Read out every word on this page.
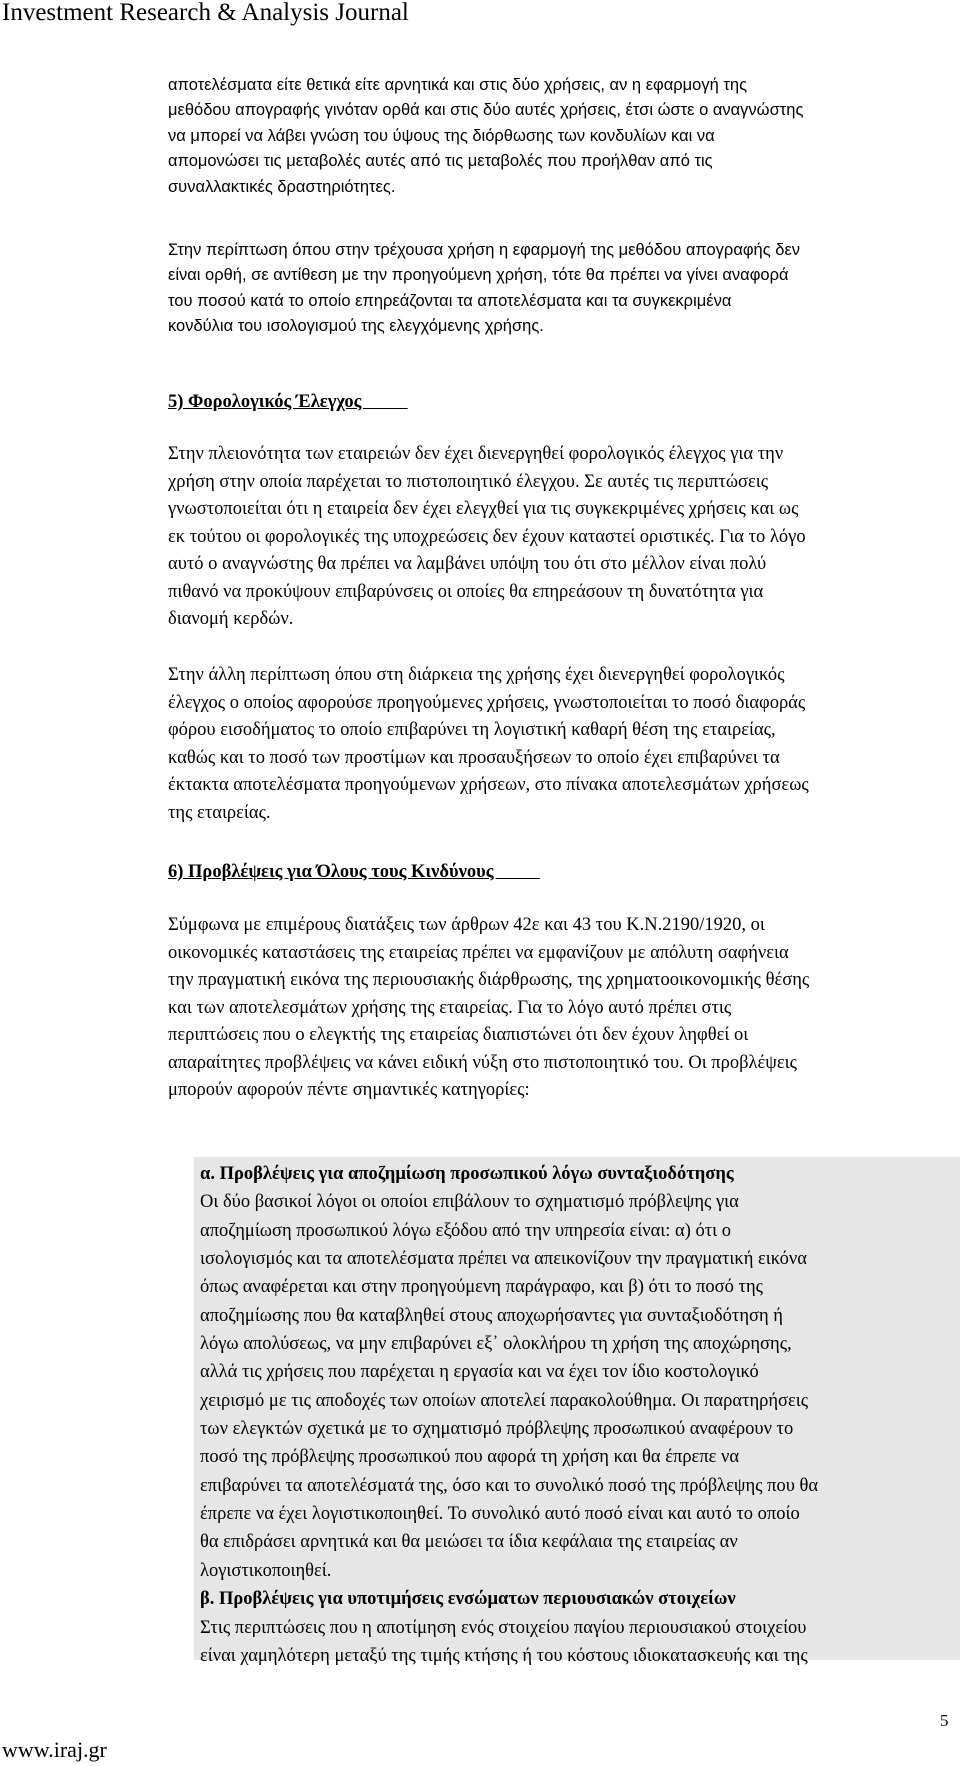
Investment Research & Analysis Journal
αποτελέσματα είτε θετικά είτε αρνητικά και στις δύο χρήσεις, αν η εφαρμογή της
μεθόδου απογραφής γινόταν ορθά και στις δύο αυτές χρήσεις, έτσι ώστε ο αναγνώστης
να μπορεί να λάβει γνώση του ύψους της διόρθωσης των κονδυλίων και να
απομονώσει τις μεταβολές αυτές από τις μεταβολές που προήλθαν από τις
συναλλακτικές δραστηριότητες.
Στην περίπτωση όπου στην τρέχουσα χρήση η εφαρμογή της μεθόδου απογραφής δεν
είναι ορθή, σε αντίθεση με την προηγούμενη χρήση, τότε θα πρέπει να γίνει αναφορά
του ποσού κατά το οποίο επηρεάζονται τα αποτελέσματα και τα συγκεκριμένα
κονδύλια του ισολογισμού της ελεγχόμενης χρήσης.
5) Φορολογικός Έλεγχος
Στην πλειονότητα των εταιρειών δεν έχει διενεργηθεί φορολογικός έλεγχος για την
χρήση στην οποία παρέχεται το πιστοποιητικό έλεγχου. Σε αυτές τις περιπτώσεις
γνωστοποιείται ότι η εταιρεία δεν έχει ελεγχθεί για τις συγκεκριμένες χρήσεις και ως
εκ τούτου οι φορολογικές της υποχρεώσεις δεν έχουν καταστεί οριστικές. Για το λόγο
αυτό ο αναγνώστης θα πρέπει να λαμβάνει υπόψη του ότι στο μέλλον είναι πολύ
πιθανό να προκύψουν επιβαρύνσεις οι οποίες θα επηρεάσουν τη δυνατότητα για
διανομή κερδών.
Στην άλλη περίπτωση όπου στη διάρκεια της χρήσης έχει διενεργηθεί φορολογικός
έλεγχος ο οποίος αφορούσε προηγούμενες χρήσεις, γνωστοποιείται το ποσό διαφοράς
φόρου εισοδήματος το οποίο επιβαρύνει τη λογιστική καθαρή θέση της εταιρείας,
καθώς και το ποσό των προστίμων και προσαυξήσεων το οποίο έχει επιβαρύνει τα
έκτακτα αποτελέσματα προηγούμενων χρήσεων, στο πίνακα αποτελεσμάτων χρήσεως
της εταιρείας.
6) Προβλέψεις για Όλους τους Κινδύνους
Σύμφωνα με επιμέρους διατάξεις των άρθρων 42ε και 43 του Κ.Ν.2190/1920, οι
οικονομικές καταστάσεις της εταιρείας πρέπει να εμφανίζουν με απόλυτη σαφήνεια
την πραγματική εικόνα της περιουσιακής διάρθρωσης, της χρηματοοικονομικής θέσης
και των αποτελεσμάτων χρήσης της εταιρείας. Για το λόγο αυτό πρέπει στις
περιπτώσεις που ο ελεγκτής της εταιρείας διαπιστώνει ότι δεν έχουν ληφθεί οι
απαραίτητες προβλέψεις να κάνει ειδική νύξη στο πιστοποιητικό του. Οι προβλέψεις
μπορούν αφορούν πέντε σημαντικές κατηγορίες:
α. Προβλέψεις για αποζημίωση προσωπικού λόγω συνταξιοδότησης
Οι δύο βασικοί λόγοι οι οποίοι επιβάλουν το σχηματισμό πρόβλεψης για
αποζημίωση προσωπικού λόγω εξόδου από την υπηρεσία είναι: α) ότι ο
ισολογισμός και τα αποτελέσματα πρέπει να απεικονίζουν την πραγματική εικόνα
όπως αναφέρεται και στην προηγούμενη παράγραφο, και β) ότι το ποσό της
αποζημίωσης που θα καταβληθεί στους αποχωρήσαντες για συνταξιοδότηση ή
λόγω απολύσεως, να μην επιβαρύνει εξ᾽ ολοκλήρου τη χρήση της αποχώρησης,
αλλά τις χρήσεις που παρέχεται η εργασία και να έχει τον ίδιο κοστολογικό
χειρισμό με τις αποδοχές των οποίων αποτελεί παρακολούθημα. Οι παρατηρήσεις
των ελεγκτών σχετικά με το σχηματισμό πρόβλεψης προσωπικού αναφέρουν το
ποσό της πρόβλεψης προσωπικού που αφορά τη χρήση και θα έπρεπε να
επιβαρύνει τα αποτελέσματά της, όσο και το συνολικό ποσό της πρόβλεψης που θα
έπρεπε να έχει λογιστικοποιηθεί. Το συνολικό αυτό ποσό είναι και αυτό το οποίο
θα επιδράσει αρνητικά και θα μειώσει τα ίδια κεφάλαια της εταιρείας αν
λογιστικοποιηθεί.
β. Προβλέψεις για υποτιμήσεις ενσώματων περιουσιακών στοιχείων
Στις περιπτώσεις που η αποτίμηση ενός στοιχείου παγίου περιουσιακού στοιχείου
είναι χαμηλότερη μεταξύ της τιμής κτήσης ή του κόστους ιδιοκατασκευής και της
5
www.iraj.gr
